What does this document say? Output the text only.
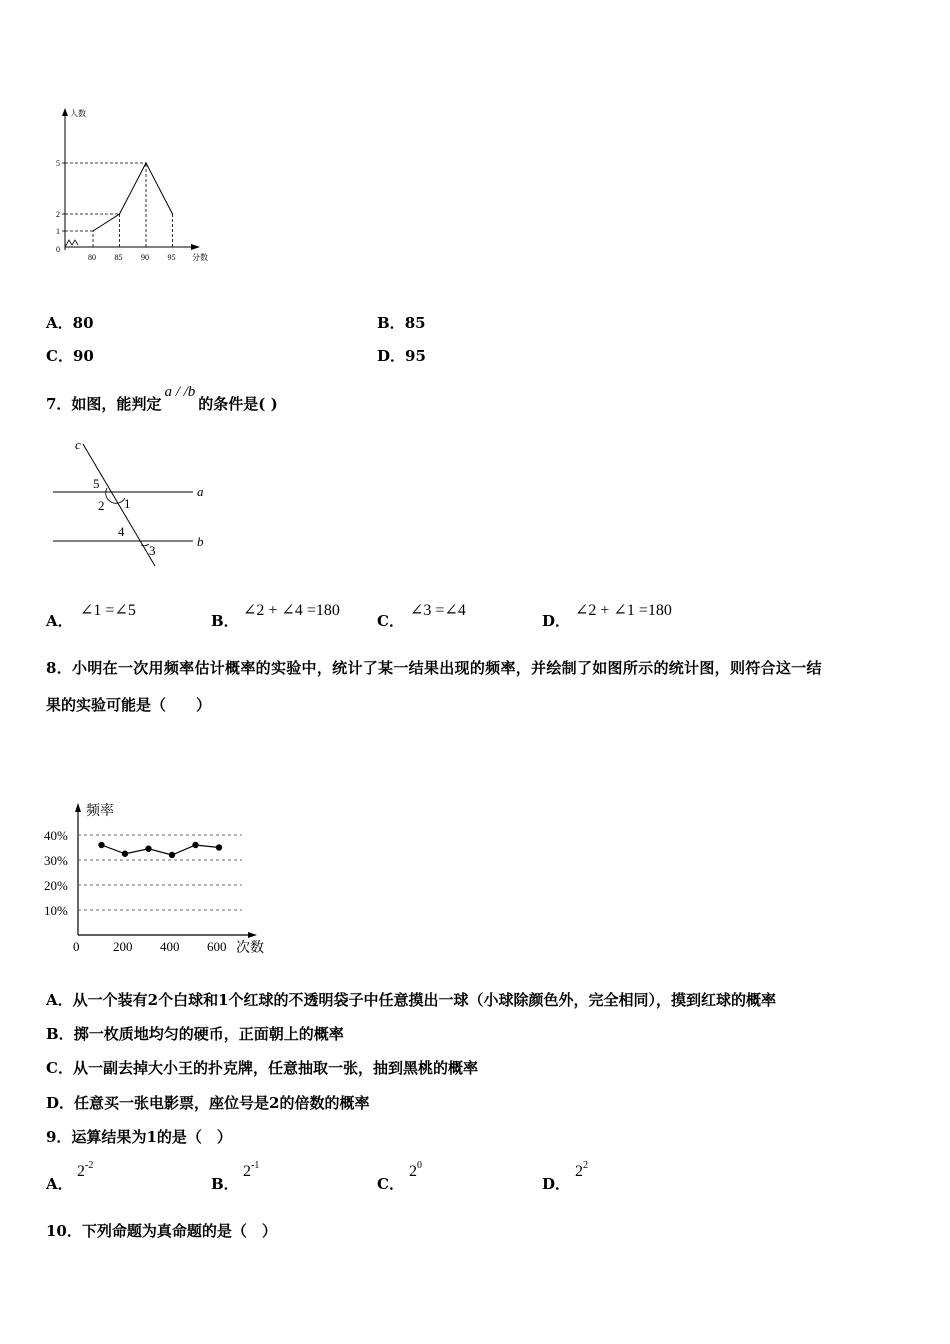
人数
分数
0
1
2
5
80 85 90 95
A．80	B．85
C．90	D．95
7．如图，能判定a / /b的条件是( )
c
a
b
5
2 1
4
3
A．
∠1 =∠5
B．
∠2 + ∠4 =180
C．
∠3 =∠4
D．
∠2 + ∠1 =180
8．小明在一次用频率估计概率的实验中，统计了某一结果出现的频率，并绘制了如图所示的统计图，则符合这一结
果的实验可能是（　　）
频率
次数
0
10%
20%
30%
40%
200 400 600
A．从一个装有2个白球和1个红球的不透明袋子中任意摸出一球（小球除颜色外，完全相同），摸到红球的概率
B．掷一枚质地均匀的硬币，正面朝上的概率
C．从一副去掉大小王的扑克牌，任意抽取一张，抽到黑桃的概率
D．任意买一张电影票，座位号是2的倍数的概率
9．运算结果为1的是（　）
A．
$2^{-2}$
B．
$2^{-1}$
C．
$2^0$
D．
$2^2$
10．下列命题为真命题的是（　）
